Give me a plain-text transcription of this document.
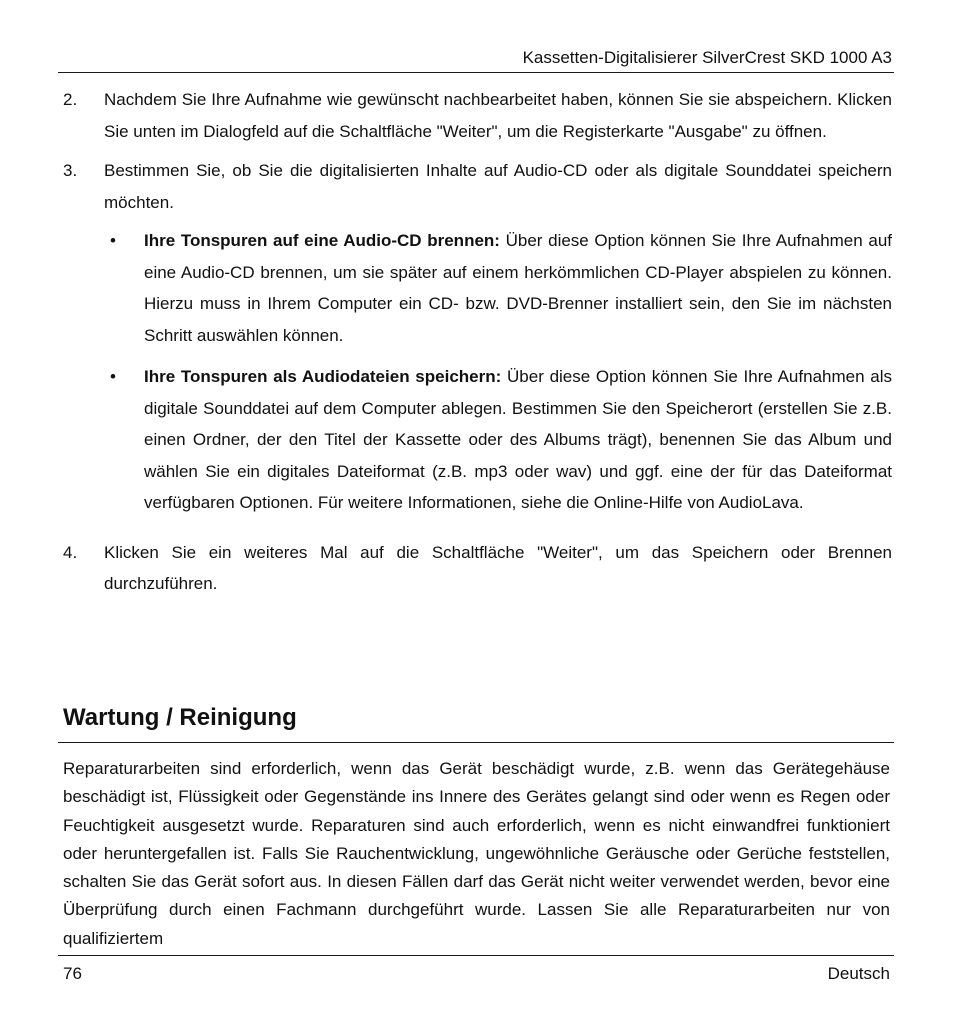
Kassetten-Digitalisierer SilverCrest SKD 1000 A3
2.	Nachdem Sie Ihre Aufnahme wie gewünscht nachbearbeitet haben, können Sie sie abspeichern. Klicken Sie unten im Dialogfeld auf die Schaltfläche "Weiter", um die Registerkarte "Ausgabe" zu öffnen.
3.	Bestimmen Sie, ob Sie die digitalisierten Inhalte auf Audio-CD oder als digitale Sounddatei speichern möchten.
•	Ihre Tonspuren auf eine Audio-CD brennen: Über diese Option können Sie Ihre Aufnahmen auf eine Audio-CD brennen, um sie später auf einem herkömmlichen CD-Player abspielen zu können. Hierzu muss in Ihrem Computer ein CD- bzw. DVD-Brenner installiert sein, den Sie im nächsten Schritt auswählen können.
•	Ihre Tonspuren als Audiodateien speichern: Über diese Option können Sie Ihre Aufnahmen als digitale Sounddatei auf dem Computer ablegen. Bestimmen Sie den Speicherort (erstellen Sie z.B. einen Ordner, der den Titel der Kassette oder des Albums trägt), benennen Sie das Album und wählen Sie ein digitales Dateiformat (z.B. mp3 oder wav) und ggf. eine der für das Dateiformat verfügbaren Optionen. Für weitere Informationen, siehe die Online-Hilfe von AudioLava.
4.	Klicken Sie ein weiteres Mal auf die Schaltfläche "Weiter", um das Speichern oder Brennen durchzuführen.
Wartung / Reinigung
Reparaturarbeiten sind erforderlich, wenn das Gerät beschädigt wurde, z.B. wenn das Gerätegehäuse beschädigt ist, Flüssigkeit oder Gegenstände ins Innere des Gerätes gelangt sind oder wenn es Regen oder Feuchtigkeit ausgesetzt wurde. Reparaturen sind auch erforderlich, wenn es nicht einwandfrei funktioniert oder heruntergefallen ist. Falls Sie Rauchentwicklung, ungewöhnliche Geräusche oder Gerüche feststellen, schalten Sie das Gerät sofort aus. In diesen Fällen darf das Gerät nicht weiter verwendet werden, bevor eine Überprüfung durch einen Fachmann durchgeführt wurde. Lassen Sie alle Reparaturarbeiten nur von qualifiziertem
76	Deutsch
